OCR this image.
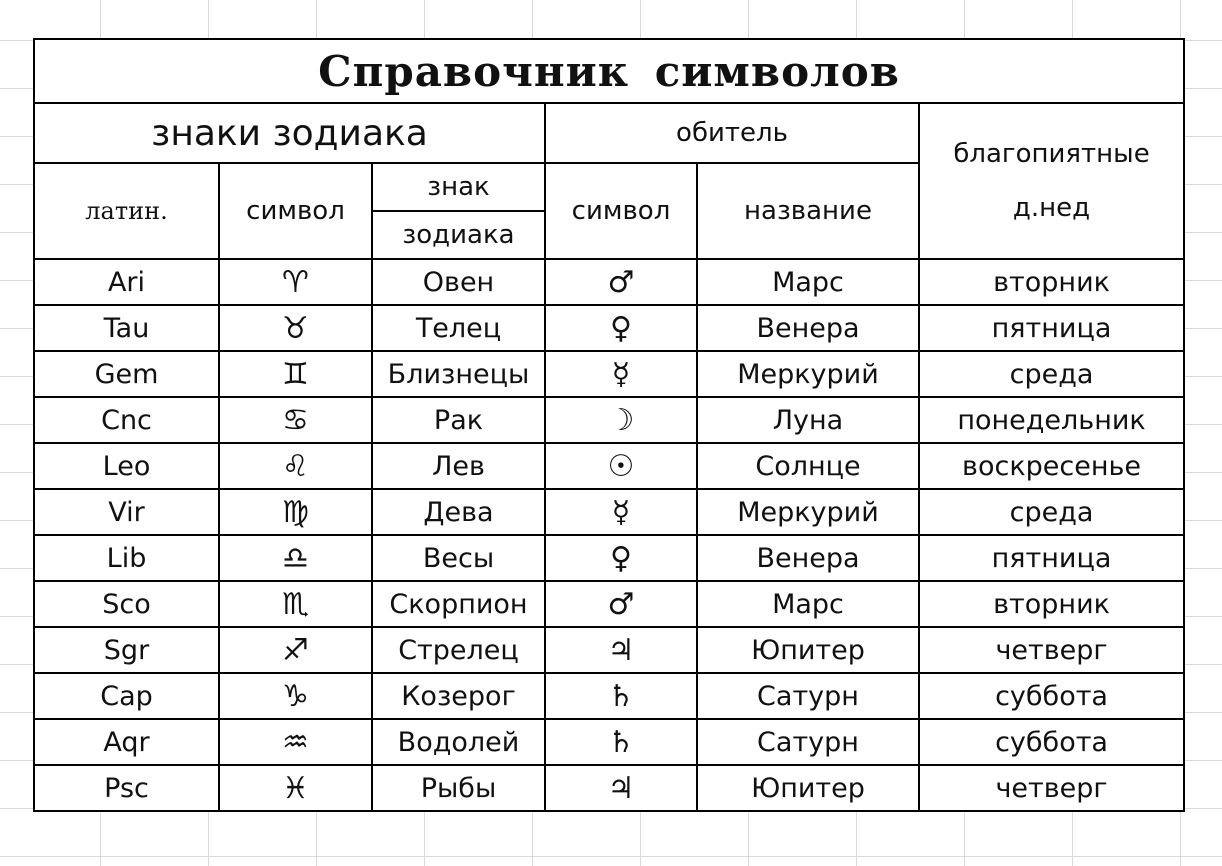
Справочник символов					
знаки зодиака			обитель		благопиятные
д.нед

латин.	символ	знак	символ	название	
		зодиака			
Ari	♈	Овен	♂	Марс	вторник
Tau	♉	Телец	♀	Венера	пятница
Gem	♊	Близнецы	☿	Меркурий	среда
Cnc	♋	Рак	☽	Луна	понедельник
Leo	♌	Лев	☉	Солнце	воскресенье
Vir	♍	Дева	☿	Меркурий	среда
Lib	♎	Весы	♀	Венера	пятница
Sco	♏	Скорпион	♂	Марс	вторник
Sgr	♐	Стрелец	♃	Юпитер	четверг
Cap	♑	Козерог	♄	Сатурн	суббота
Aqr	♒	Водолей	♄	Сатурн	суббота
Psc	♓	Рыбы	♃	Юпитер	четверг
